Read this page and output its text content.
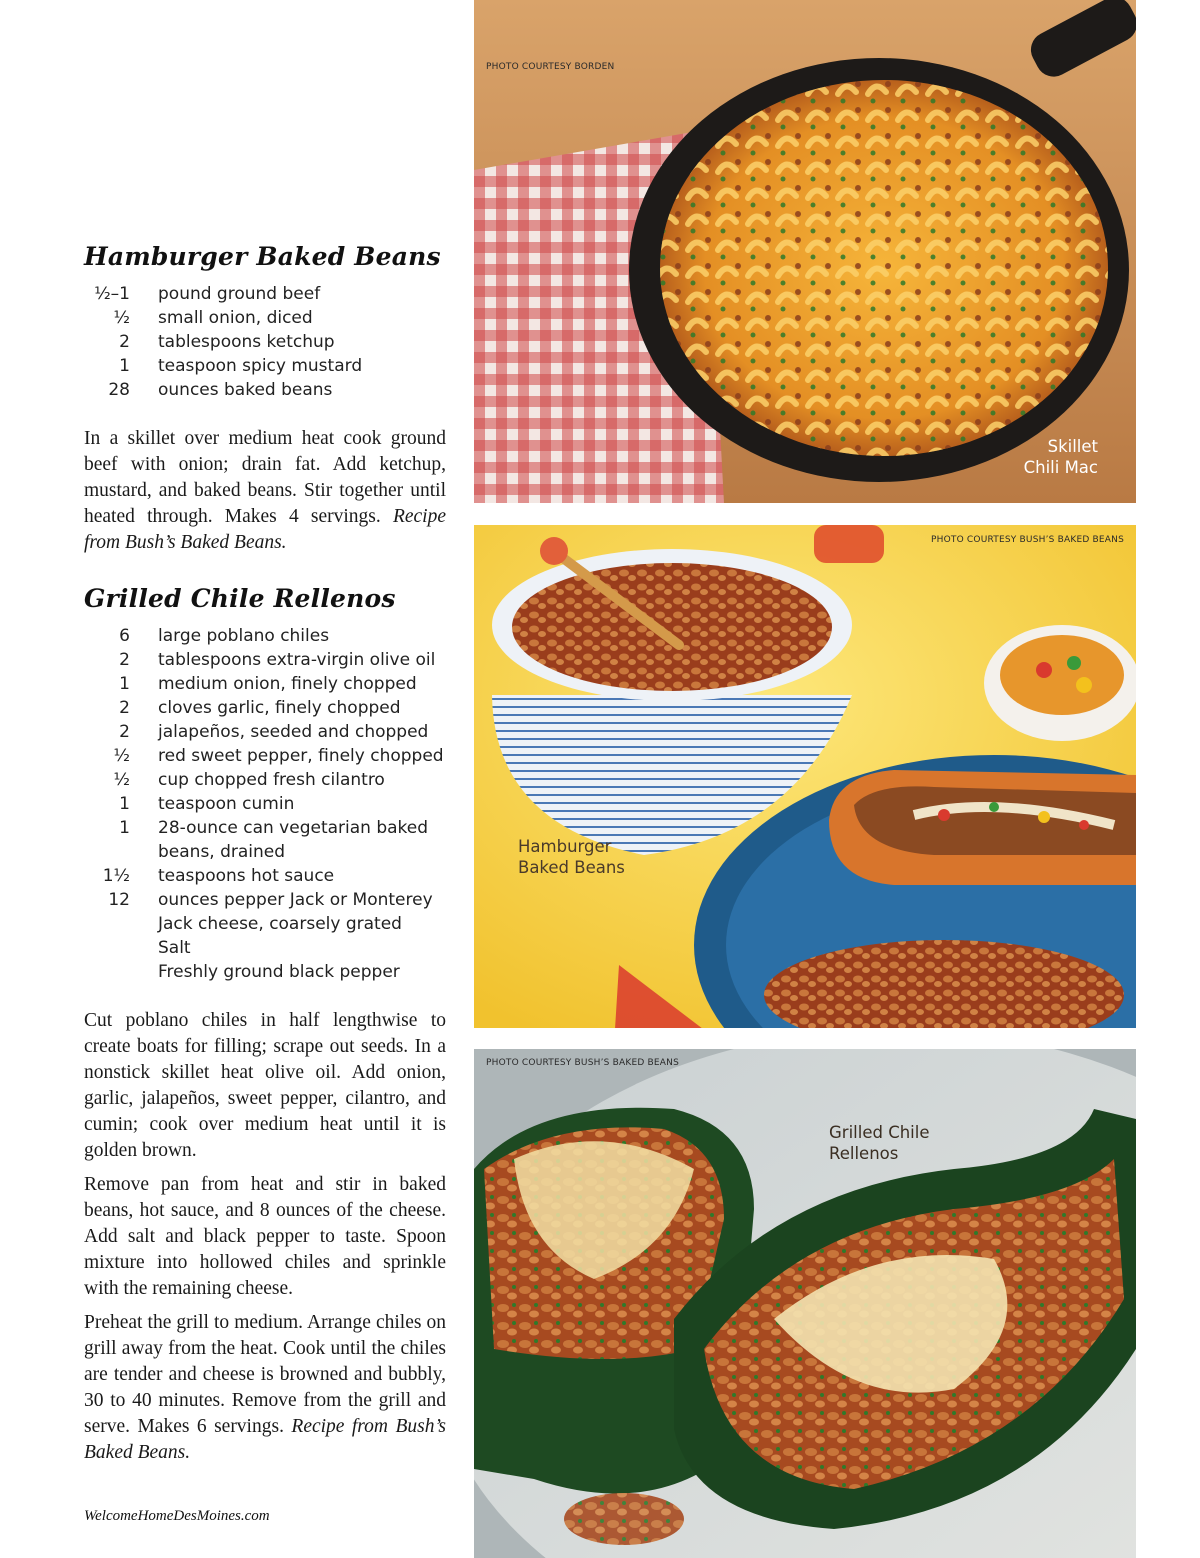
Hamburger Baked Beans
½–1 pound ground beef
½ small onion, diced
2 tablespoons ketchup
1 teaspoon spicy mustard
28 ounces baked beans

In a skillet over medium heat cook ground beef with onion; drain fat. Add ketchup, mustard, and baked beans. Stir together until heated through. Makes 4 servings. Recipe from Bush’s Baked Beans.

Grilled Chile Rellenos
6 large poblano chiles
2 tablespoons extra-virgin olive oil
1 medium onion, finely chopped
2 cloves garlic, finely chopped
2 jalapeños, seeded and chopped
½ red sweet pepper, finely chopped
½ cup chopped fresh cilantro
1 teaspoon cumin
1 28-ounce can vegetarian baked beans, drained
1½ teaspoons hot sauce
12 ounces pepper Jack or Monterey Jack cheese, coarsely grated
Salt
Freshly ground black pepper

Cut poblano chiles in half lengthwise to create boats for filling; scrape out seeds. In a nonstick skillet heat olive oil. Add onion, garlic, jalapeños, sweet pepper, cilantro, and cumin; cook over medium heat until it is golden brown.

Remove pan from heat and stir in baked beans, hot sauce, and 8 ounces of the cheese. Add salt and black pepper to taste. Spoon mixture into hollowed chiles and sprinkle with the remaining cheese.

Preheat the grill to medium. Arrange chiles on grill away from the heat. Cook until the chiles are tender and cheese is browned and bubbly, 30 to 40 minutes. Remove from the grill and serve. Makes 6 servings. Recipe from Bush’s Baked Beans.

WelcomeHomeDesMoines.com

PHOTO COURTESY BORDEN
Skillet
Chili Mac
PHOTO COURTESY BUSH’S BAKED BEANS
Hamburger
Baked Beans
PHOTO COURTESY BUSH’S BAKED BEANS
Grilled Chile
Rellenos
